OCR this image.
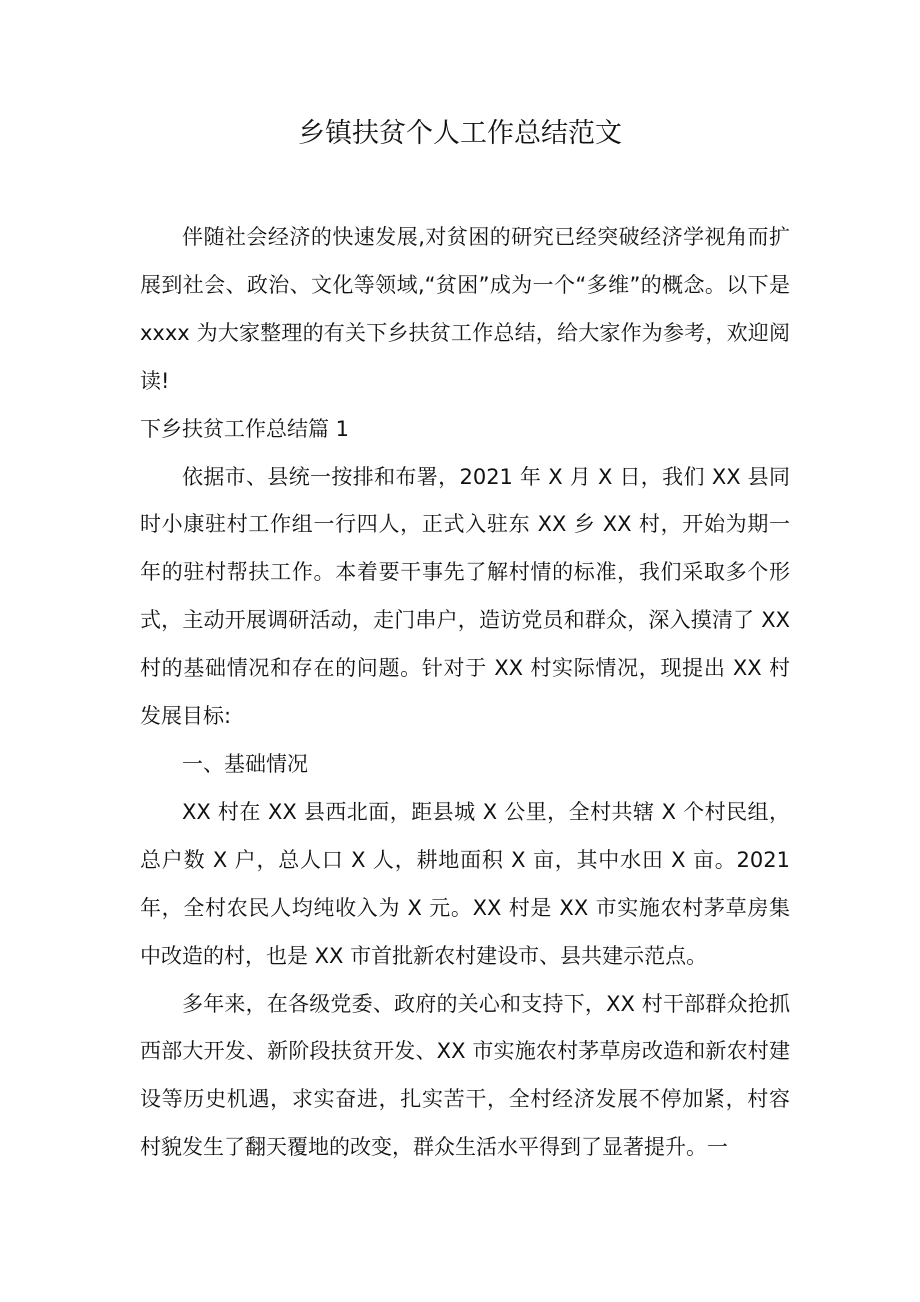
乡镇扶贫个人工作总结范文

伴随社会经济的快速发展,对贫困的研究已经突破经济学视角而扩展到社会、政治、文化等领域,“贫困”成为一个“多维”的概念。以下是 xxxx 为大家整理的有关下乡扶贫工作总结，给大家作为参考，欢迎阅读!

下乡扶贫工作总结篇 1

依据市、县统一按排和布署，2021 年 X 月 X 日，我们 XX 县同时小康驻村工作组一行四人，正式入驻东 XX 乡 XX 村，开始为期一年的驻村帮扶工作。本着要干事先了解村情的标准，我们采取多个形式，主动开展调研活动，走门串户，造访党员和群众，深入摸清了 XX 村的基础情况和存在的问题。针对于 XX 村实际情况，现提出 XX 村发展目标:

一、基础情况

XX 村在 XX 县西北面，距县城 X 公里，全村共辖 X 个村民组，总户数 X 户，总人口 X 人，耕地面积 X 亩，其中水田 X 亩。2021 年，全村农民人均纯收入为 X 元。XX 村是 XX 市实施农村茅草房集中改造的村，也是 XX 市首批新农村建设市、县共建示范点。

多年来，在各级党委、政府的关心和支持下，XX 村干部群众抢抓西部大开发、新阶段扶贫开发、XX 市实施农村茅草房改造和新农村建设等历史机遇，求实奋进，扎实苦干，全村经济发展不停加紧，村容村貌发生了翻天覆地的改变，群众生活水平得到了显著提升。一
